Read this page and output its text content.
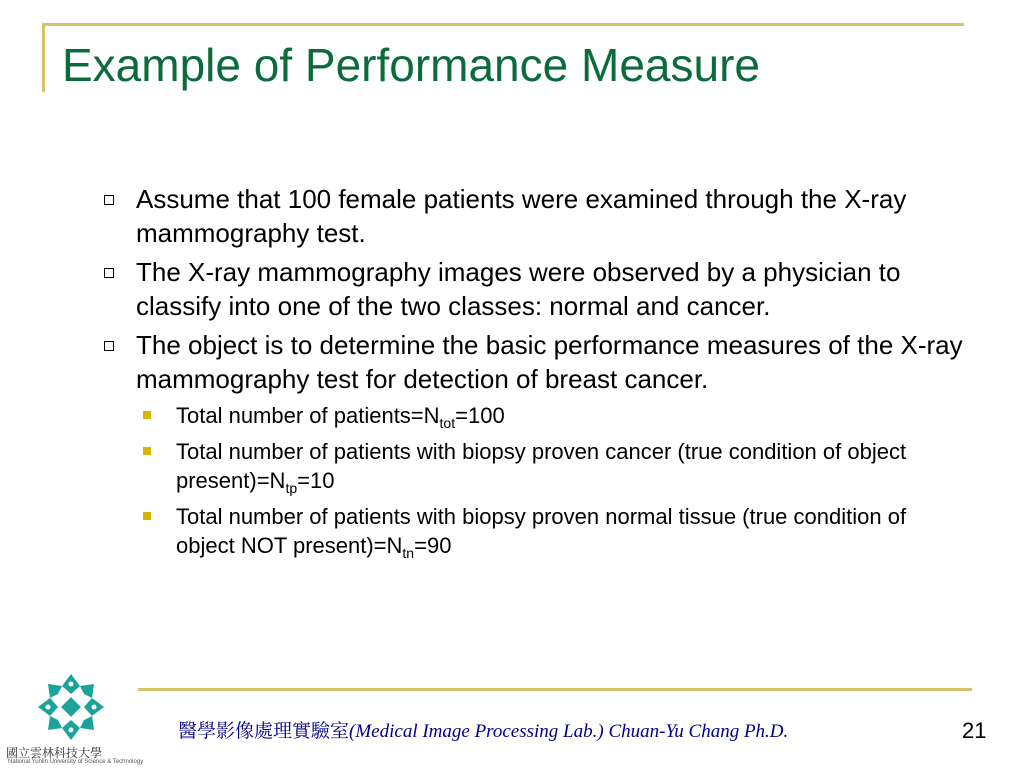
Example of Performance Measure
Assume that 100 female patients were examined through the X-ray mammography test.
The X-ray mammography images were observed by a physician to classify into one of the two classes: normal and cancer.
The object is to determine the basic performance measures of the X-ray mammography test for detection of breast cancer.
Total number of $patients=N_{tot}=100$
Total number of patients with biopsy proven cancer (true condition of object $present)=N_{tp}=10$
Total number of patients with biopsy proven normal tissue (true condition of object NOT $present)=N_{tn}=90$
國立雲林科技大學
National Yunlin University of Science & Technology
醫學影像處理實驗室(Medical Image Processing Lab.) Chuan-Yu Chang Ph.D.	21
